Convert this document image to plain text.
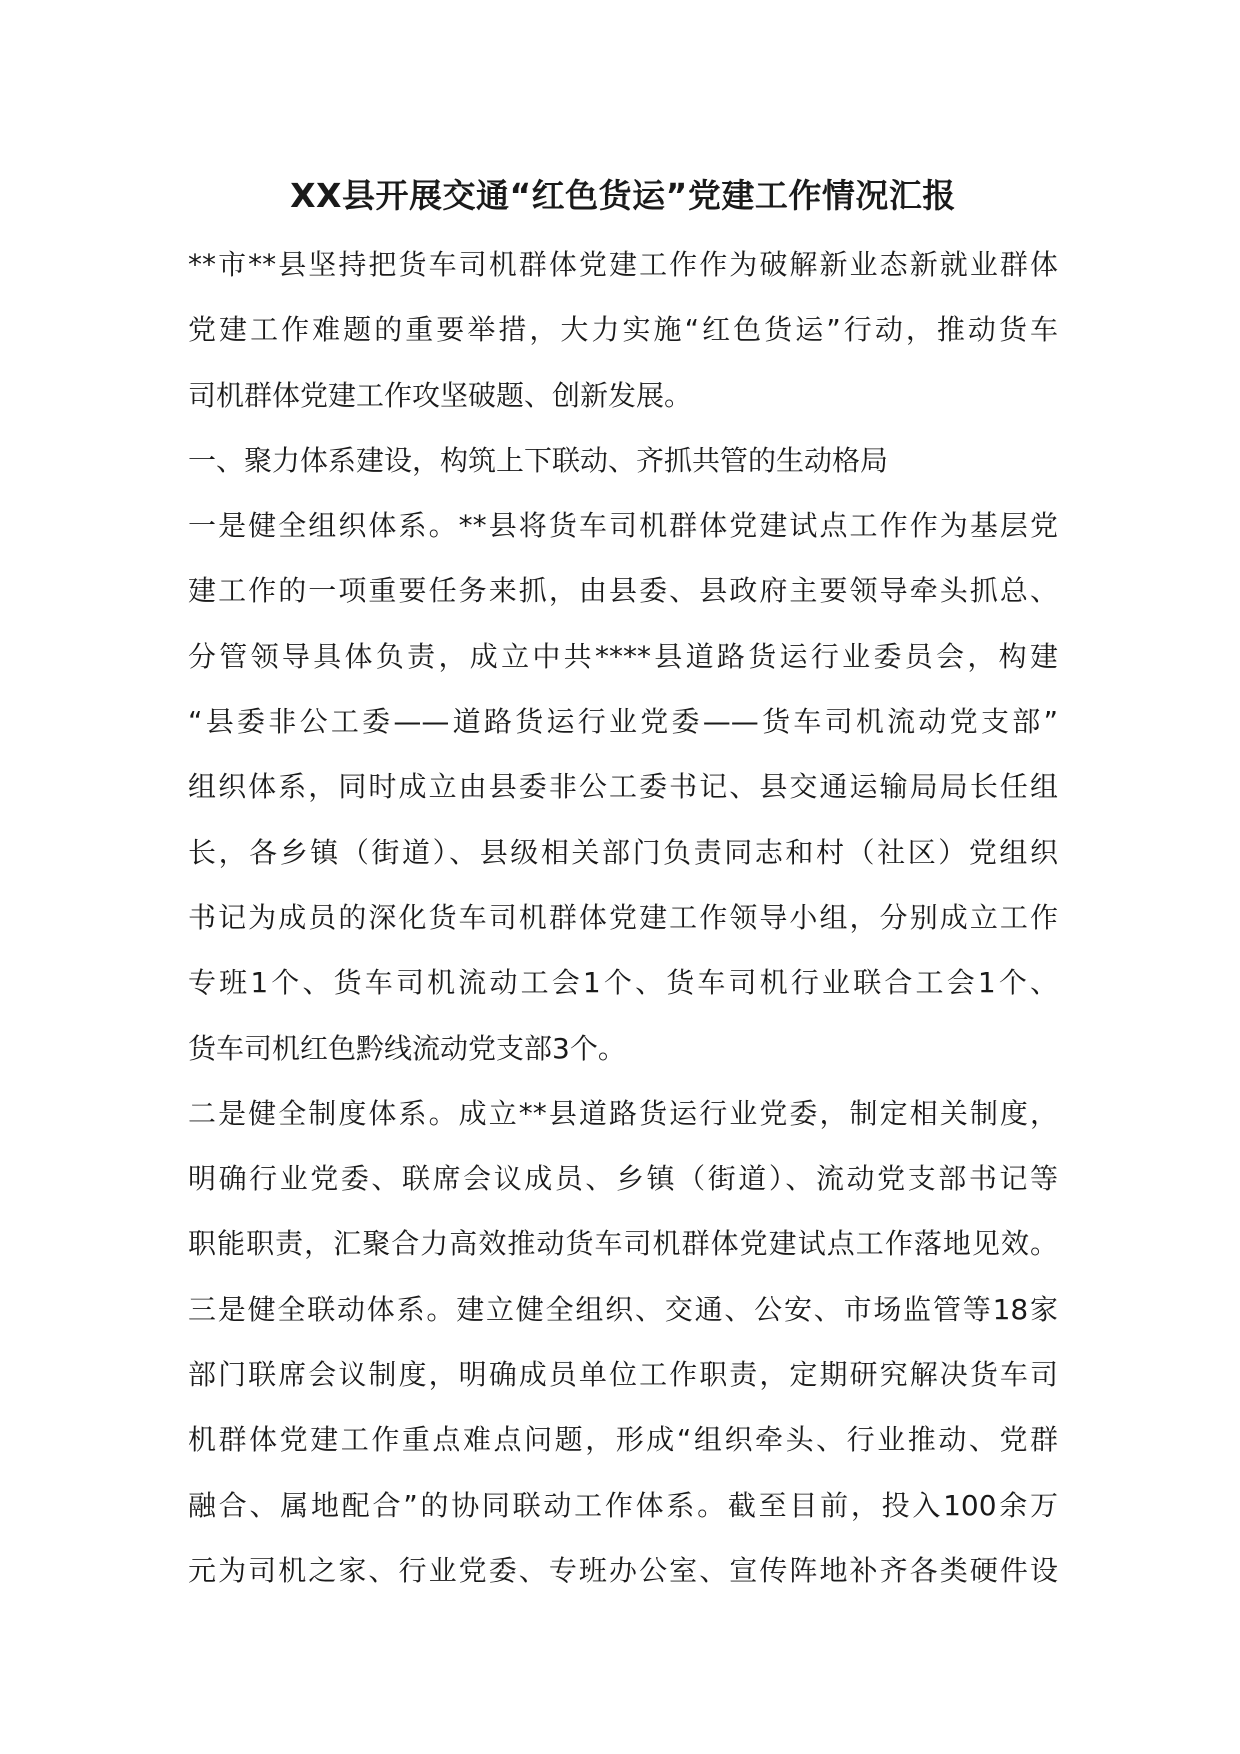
XX县开展交通“红色货运”党建工作情况汇报
**市**县坚持把货车司机群体党建工作作为破解新业态新就业群体
党建工作难题的重要举措，大力实施“红色货运”行动，推动货车
司机群体党建工作攻坚破题、创新发展。
一、聚力体系建设，构筑上下联动、齐抓共管的生动格局
一是健全组织体系。**县将货车司机群体党建试点工作作为基层党
建工作的一项重要任务来抓，由县委、县政府主要领导牵头抓总、
分管领导具体负责，成立中共****县道路货运行业委员会，构建
“县委非公工委——道路货运行业党委——货车司机流动党支部”
组织体系，同时成立由县委非公工委书记、县交通运输局局长任组
长，各乡镇（街道）、县级相关部门负责同志和村（社区）党组织
书记为成员的深化货车司机群体党建工作领导小组，分别成立工作
专班1个、货车司机流动工会1个、货车司机行业联合工会1个、
货车司机红色黔线流动党支部3个。
二是健全制度体系。成立**县道路货运行业党委，制定相关制度，
明确行业党委、联席会议成员、乡镇（街道）、流动党支部书记等
职能职责，汇聚合力高效推动货车司机群体党建试点工作落地见效。
三是健全联动体系。建立健全组织、交通、公安、市场监管等18家
部门联席会议制度，明确成员单位工作职责，定期研究解决货车司
机群体党建工作重点难点问题，形成“组织牵头、行业推动、党群
融合、属地配合”的协同联动工作体系。截至目前，投入100余万
元为司机之家、行业党委、专班办公室、宣传阵地补齐各类硬件设
